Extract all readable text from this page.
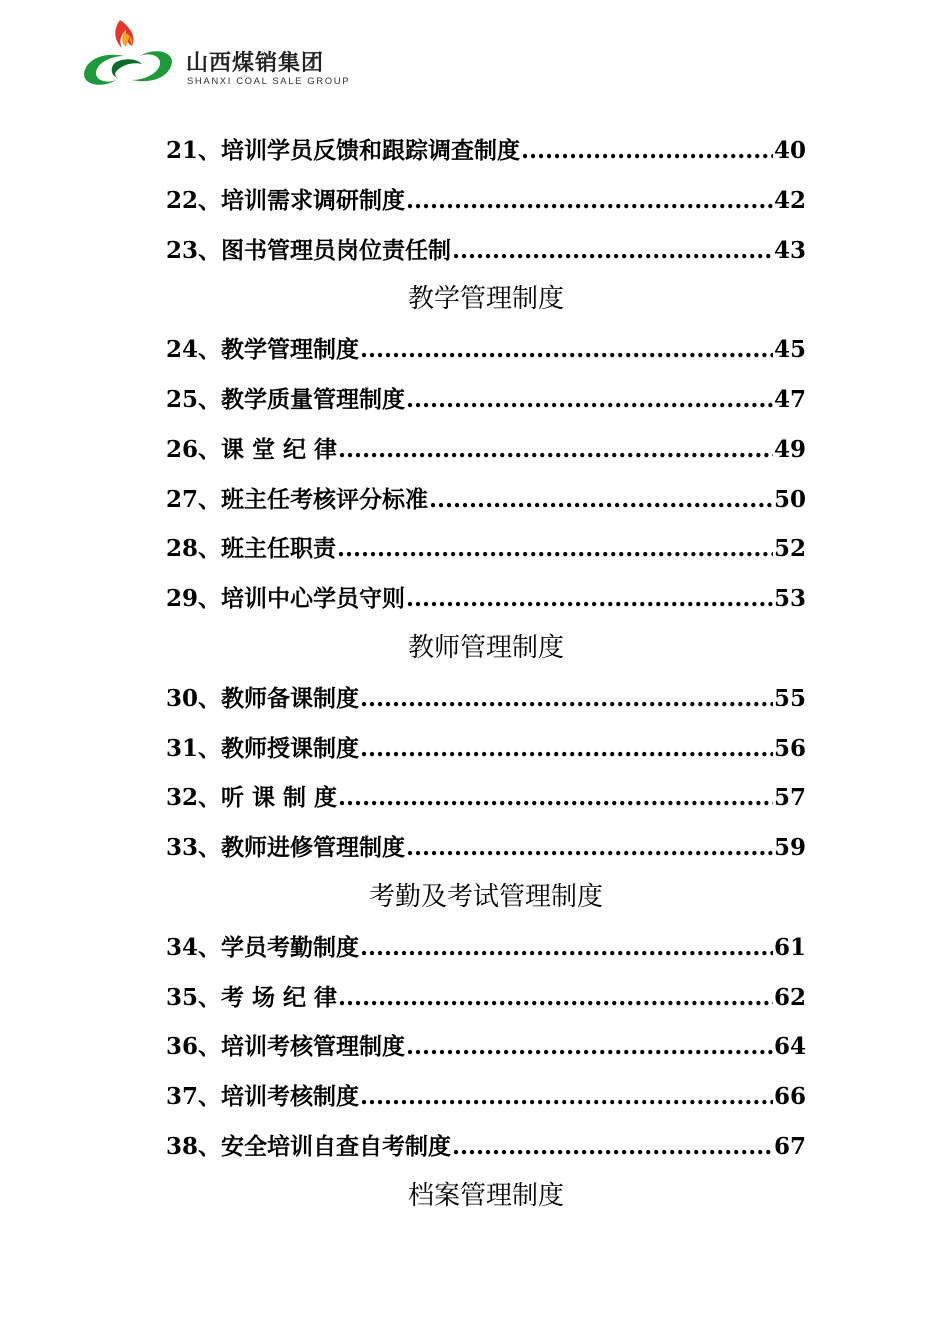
山西煤销集团
SHANXI COAL SALE GROUP
21、 培训学员反馈和跟踪调查制度 .....	40
22、 培训需求调研制度 .....	42
23、 图书管理员岗位责任制 .....	43
教学管理制度
24、 教学管理制度 .....	45
25、 教学质量管理制度 .....	47
26、 课 堂 纪 律 .....	49
27、 班主任考核评分标准 .....	50
28、 班主任职责 .....	52
29、 培训中心学员守则 .....	53
教师管理制度
30、 教师备课制度 .....	55
31、 教师授课制度 .....	56
32、 听 课 制 度 .....	57
33、 教师进修管理制度 .....	59
考勤及考试管理制度
34、 学员考勤制度 .....	61
35、 考 场 纪 律 .....	62
36、 培训考核管理制度 .....	64
37、 培训考核制度 .....	66
38、 安全培训自查自考制度 .....	67
档案管理制度
